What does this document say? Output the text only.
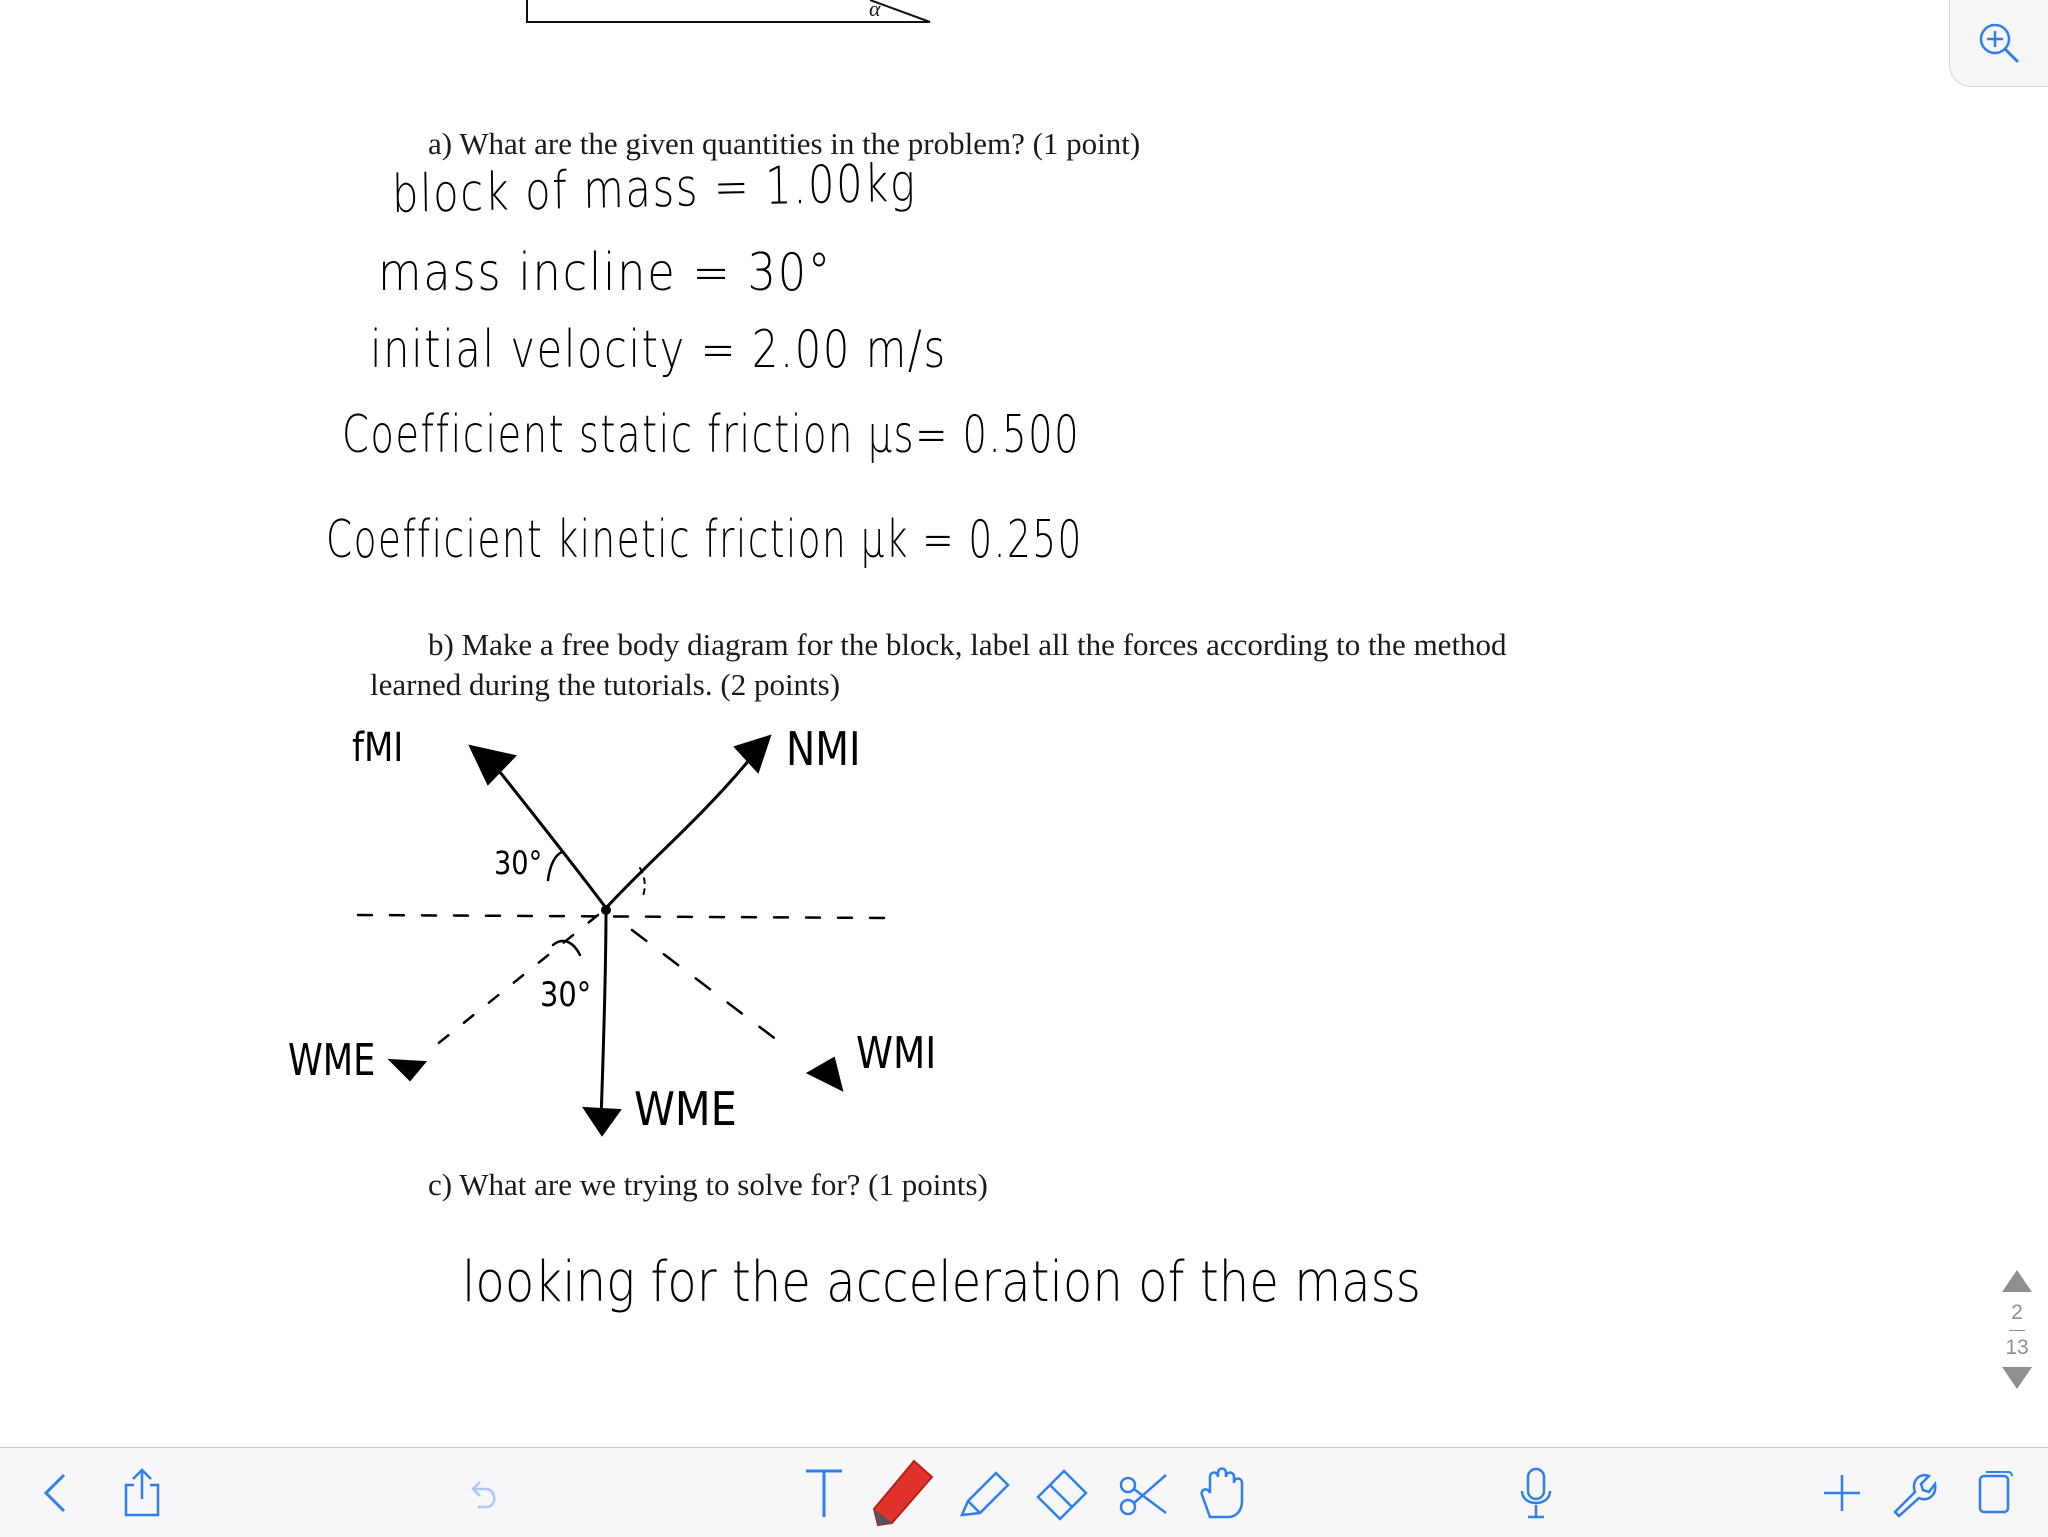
α
a) What are the given quantities in the problem? (1 point)
block of mass = 1.00kg
mass incline = 30°
initial velocity = 2.00 m/s
Coefficient static friction μs= 0.500
Coefficient kinetic friction μk = 0.250
b) Make a free body diagram for the block, label all the forces according to the method
learned during the tutorials. (2 points)
fMI	NMI
30°
30°
WME
WME
WMI
c) What are we trying to solve for? (1 points)
looking for the acceleration of the mass	2
13
